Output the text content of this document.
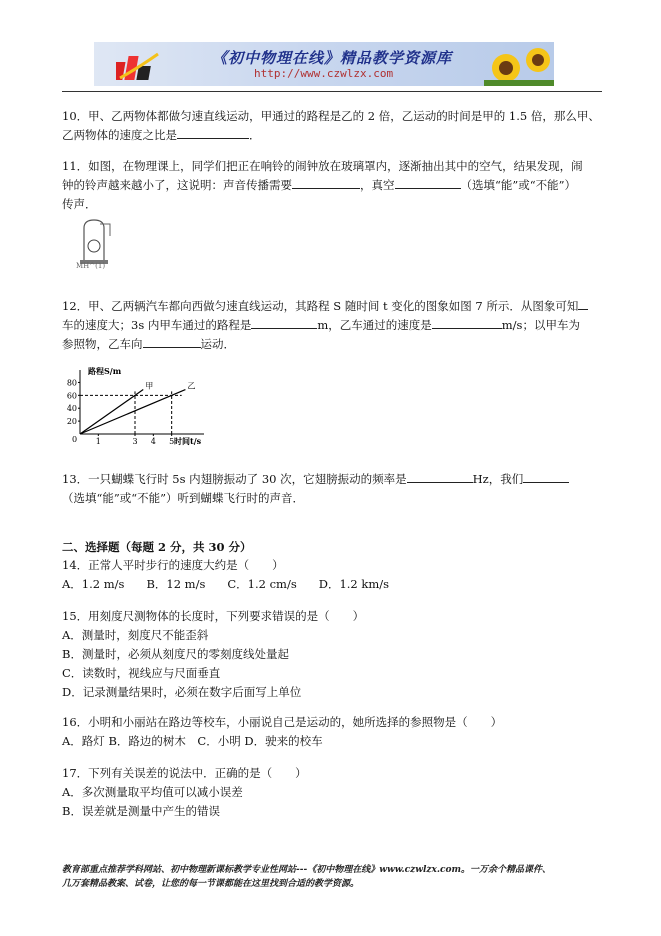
《初中物理在线》精品教学资源库
http://www.czwlzx.com
10．甲、乙两物体都做匀速直线运动，甲通过的路程是乙的 2 倍，乙运动的时间是甲的 1.5 倍，那么甲、
乙两物体的速度之比是	．
11．如图，在物理课上，同学们把正在响铃的闹钟放在玻璃罩内，逐渐抽出其中的空气，结果发现，闹
钟的铃声越来越小了，这说明：声音传播需要	，真空	（选填“能”或“不能”）
传声．
MH^(1)
12．甲、乙两辆汽车都向西做匀速直线运动，其路程 S 随时间 t 变化的图象如图 7 所示．从图象可知
车的速度大；3s 内甲车通过的路程是	m，乙车通过的速度是	m/s；以甲车为
参照物，乙车向	运动．
路程S/m
时间t/s
0
20
40
60
80
1	3 4 5
甲	乙
13．一只蝴蝶飞行时 5s 内翅膀振动了 30 次，它翅膀振动的频率是	Hz，我们
（选填“能”或“不能”）听到蝴蝶飞行时的声音．
二、选择题（每题 2 分，共 30 分）
14．正常人平时步行的速度大约是（　　）
A．1.2 m/s B．12 m/s C．1.2 cm/s D．1.2 km/s
15．用刻度尺测物体的长度时，下列要求错误的是（　　）
A．测量时，刻度尺不能歪斜
B．测量时，必须从刻度尺的零刻度线处量起
C．读数时，视线应与尺面垂直
D．记录测量结果时，必须在数字后面写上单位
16．小明和小丽站在路边等校车，小丽说自己是运动的，她所选择的参照物是（　　）
A．路灯 B．路边的树木　C．小明 D．驶来的校车
17．下列有关误差的说法中．正确的是（　　）
A．多次测量取平均值可以减小误差
B．误差就是测量中产生的错误
教育部重点推荐学科网站、初中物理新课标教学专业性网站---《初中物理在线》www.czwlzx.com。一万余个精品课件、
几万套精品教案、试卷，让您的每一节课都能在这里找到合适的教学资源。
